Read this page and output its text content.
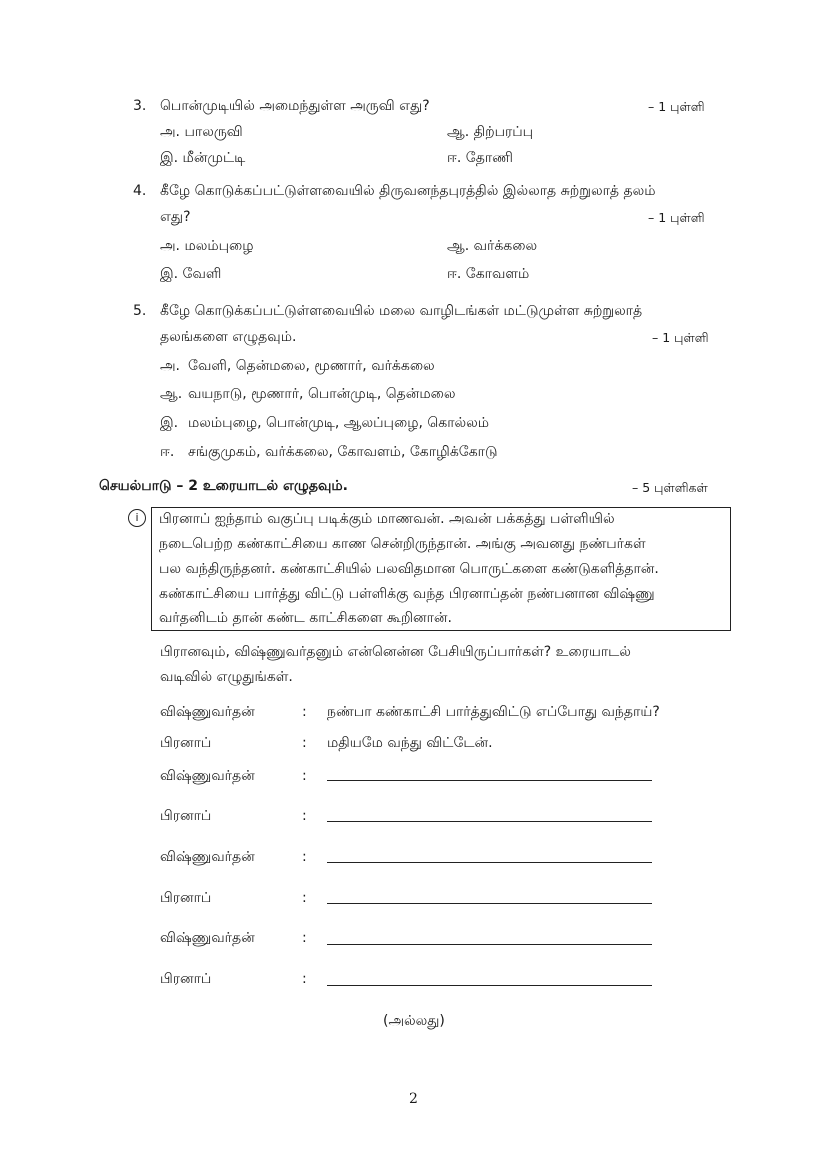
3. பொன்முடியில் அமைந்துள்ள அருவி எது?	– 1 புள்ளி
அ. பாலருவி	ஆ. திற்பரப்பு
இ. மீன்முட்டி	ஈ. தோணி
4. கீழே கொடுக்கப்பட்டுள்ளவையில் திருவனந்தபுரத்தில் இல்லாத சுற்றுலாத் தலம்
எது?	– 1 புள்ளி
அ. மலம்புழை	ஆ. வர்க்கலை
இ. வேளி	ஈ. கோவளம்
5. கீழே கொடுக்கப்பட்டுள்ளவையில் மலை வாழிடங்கள் மட்டுமுள்ள சுற்றுலாத்
தலங்களை எழுதவும்.	– 1 புள்ளி
அ. வேளி, தென்மலை, மூணார், வர்க்கலை
ஆ. வயநாடு, மூணார், பொன்முடி, தென்மலை
இ. மலம்புழை, பொன்முடி, ஆலப்புழை, கொல்லம்
ஈ. சங்குமுகம், வர்க்கலை, கோவளம், கோழிக்கோடு
செயல்பாடு – 2 உரையாடல் எழுதவும்.	– 5 புள்ளிகள்
i	பிரனாப் ஐந்தாம் வகுப்பு படிக்கும் மாணவன். அவன் பக்கத்து பள்ளியில்
நடைபெற்ற கண்காட்சியை காண சென்றிருந்தான். அங்கு அவனது நண்பர்கள்
பல வந்திருந்தனர். கண்காட்சியில் பலவிதமான பொருட்களை கண்டுகளித்தான்.
கண்காட்சியை பார்த்து விட்டு பள்ளிக்கு வந்த பிரனாப்தன் நண்பனான விஷ்ணு
வர்தனிடம் தான் கண்ட காட்சிகளை கூறினான்.
பிரானவும், விஷ்ணுவர்தனும் என்னென்ன பேசியிருப்பார்கள்? உரையாடல்
வடிவில் எழுதுங்கள்.
விஷ்ணுவர்தன்	: நண்பா கண்காட்சி பார்த்துவிட்டு எப்போது வந்தாய்?
பிரனாப்	: மதியமே வந்து விட்டேன்.
விஷ்ணுவர்தன்	:
பிரனாப்	:
விஷ்ணுவர்தன்	:
பிரனாப்	:
விஷ்ணுவர்தன்	:
பிரனாப்	:
(அல்லது)
2
